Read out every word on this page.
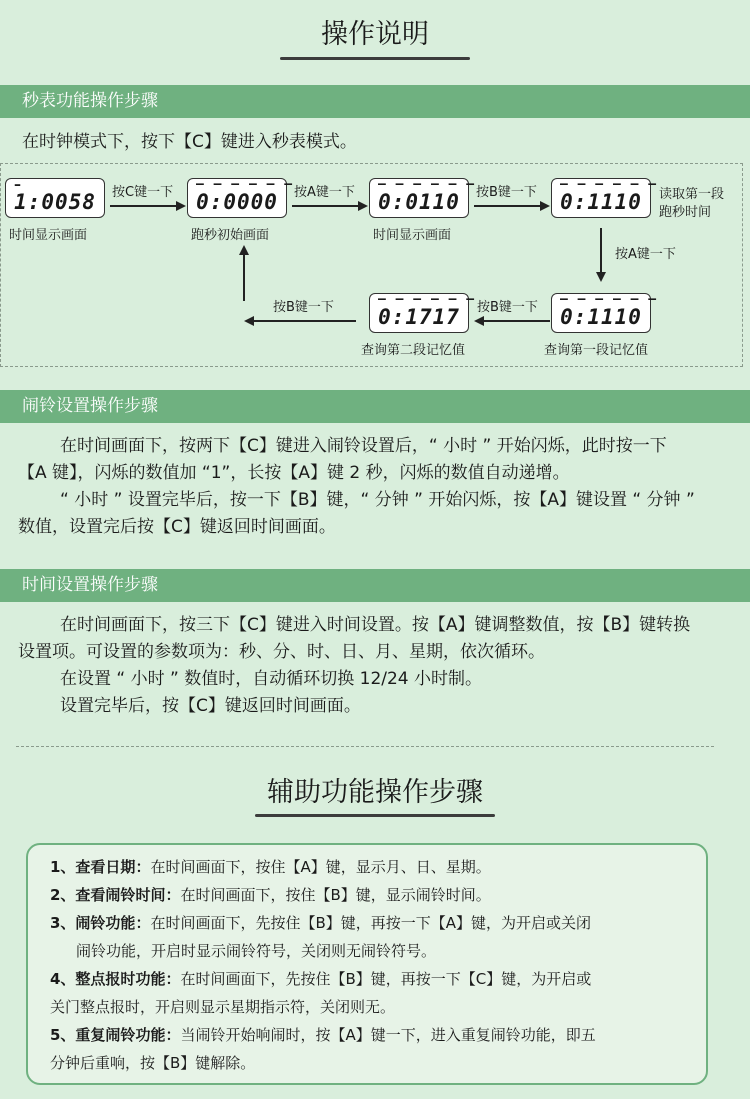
操作说明
秒表功能操作步骤
在时钟模式下，按下【C】键进入秒表模式。
–
1:0058
时间显示画面
按C键一下
– – – – – –
0:0000
跑秒初始画面
按A键一下
– – – – – –
0:0110
时间显示画面
按B键一下
– – – – – –
0:1110	读取第一段
跑秒时间
按A键一下
– – – – – –
0:1110
查询第一段记忆值
按B键一下
– – – – – –
0:1717
查询第二段记忆值
按B键一下
闹铃设置操作步骤
在时间画面下，按两下【C】键进入闹铃设置后，“ 小时 ” 开始闪烁，此时按一下
【A 键】，闪烁的数值加 “1”，长按【A】键 2 秒，闪烁的数值自动递增。
“ 小时 ” 设置完毕后，按一下【B】键，“ 分钟 ” 开始闪烁，按【A】键设置 “ 分钟 ”
数值，设置完后按【C】键返回时间画面。
时间设置操作步骤
在时间画面下，按三下【C】键进入时间设置。按【A】键调整数值，按【B】键转换
设置项。可设置的参数项为：秒、分、时、日、月、星期，依次循环。
在设置 “ 小时 ” 数值时，自动循环切换 12/24 小时制。
设置完毕后，按【C】键返回时间画面。
辅助功能操作步骤
1、查看日期：在时间画面下，按住【A】键，显示月、日、星期。
2、查看闹铃时间：在时间画面下，按住【B】键，显示闹铃时间。
3、闹铃功能：在时间画面下，先按住【B】键，再按一下【A】键，为开启或关闭
闹铃功能，开启时显示闹铃符号，关闭则无闹铃符号。
4、整点报时功能：在时间画面下，先按住【B】键，再按一下【C】键，为开启或
关门整点报时，开启则显示星期指示符，关闭则无。
5、重复闹铃功能：当闹铃开始响闹时，按【A】键一下，进入重复闹铃功能，即五
分钟后重响，按【B】键解除。
